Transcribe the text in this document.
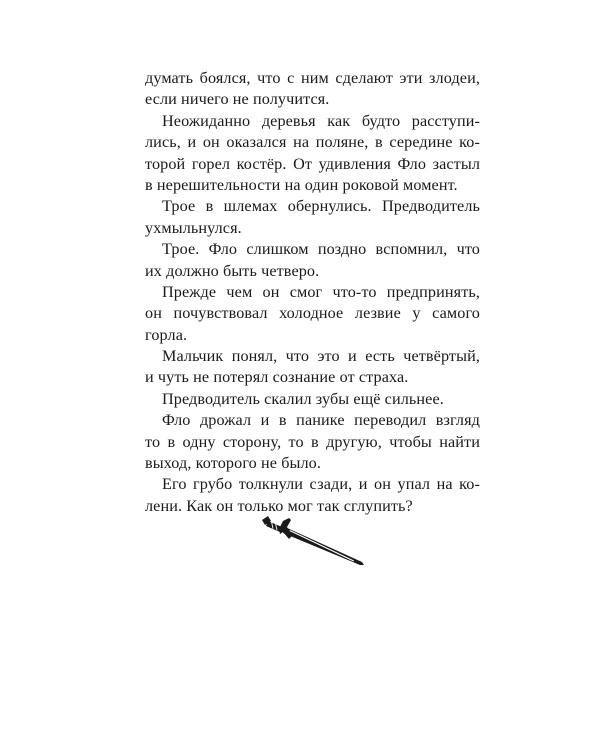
думать боялся, что с ним сделают эти злодеи,
если ничего не получится.
Неожиданно деревья как будто расступи-
лись, и он оказался на поляне, в середине ко-
торой горел костёр. От удивления Фло застыл
в нерешительности на один роковой момент.
Трое в шлемах обернулись. Предводитель
ухмыльнулся.
Трое. Фло слишком поздно вспомнил, что
их должно быть четверо.
Прежде чем он смог что-то предпринять,
он почувствовал холодное лезвие у самого
горла.
Мальчик понял, что это и есть четвёртый,
и чуть не потерял сознание от страха.
Предводитель скалил зубы ещё сильнее.
Фло дрожал и в панике переводил взгляд
то в одну сторону, то в другую, чтобы найти
выход, которого не было.
Его грубо толкнули сзади, и он упал на ко-
лени. Как он только мог так сглупить?
